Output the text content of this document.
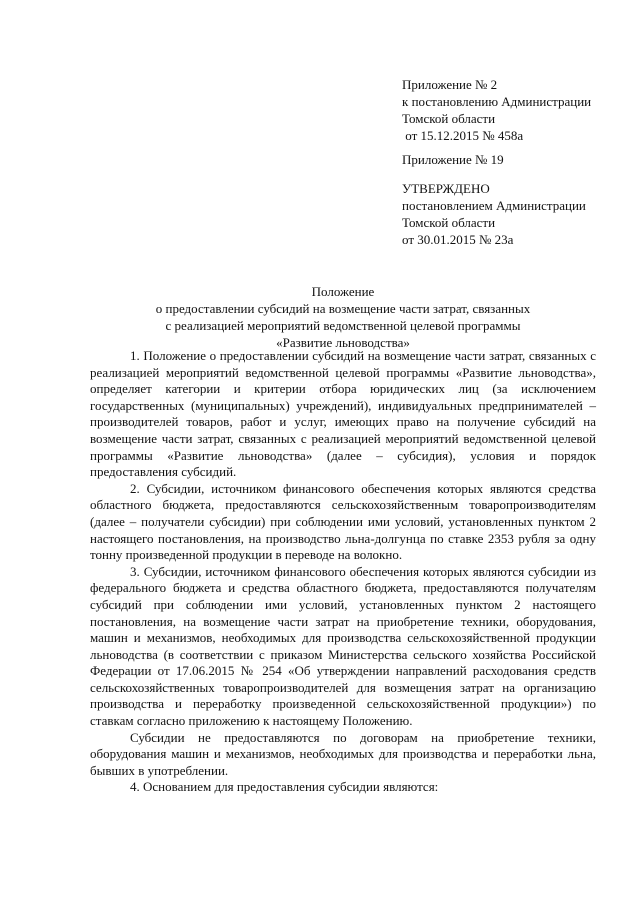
Приложение № 2
к постановлению Администрации
Томской области
от 15.12.2015 № 458а
Приложение № 19
УТВЕРЖДЕНО
постановлением Администрации
Томской области
от 30.01.2015 № 23а
Положение
о предоставлении субсидий на возмещение части затрат, связанных
с реализацией мероприятий ведомственной целевой программы
«Развитие льноводства»

1. Положение о предоставлении субсидий на возмещение части затрат, связанных с реализацией мероприятий ведомственной целевой программы «Развитие льноводства», определяет категории и критерии отбора юридических лиц (за исключением государственных (муниципальных) учреждений), индивидуальных предпринимателей – производителей товаров, работ и услуг, имеющих право на получение субсидий на возмещение части затрат, связанных с реализацией мероприятий ведомственной целевой программы «Развитие льноводства» (далее – субсидия), условия и порядок предоставления субсидий.

2. Субсидии, источником финансового обеспечения которых являются средства областного бюджета, предоставляются сельскохозяйственным товаропроизводителям (далее – получатели субсидии) при соблюдении ими условий, установленных пунктом 2 настоящего постановления, на производство льна-долгунца по ставке 2353 рубля за одну тонну произведенной продукции в переводе на волокно.

3. Субсидии, источником финансового обеспечения которых являются субсидии из федерального бюджета и средства областного бюджета, предоставляются получателям субсидий при соблюдении ими условий, установленных пунктом 2 настоящего постановления, на возмещение части затрат на приобретение техники, оборудования, машин и механизмов, необходимых для производства сельскохозяйственной продукции льноводства (в соответствии с приказом Министерства сельского хозяйства Российской Федерации от 17.06.2015 № 254 «Об утверждении направлений расходования средств сельскохозяйственных товаропроизводителей для возмещения затрат на организацию производства и переработку произведенной сельскохозяйственной продукции») по ставкам согласно приложению к настоящему Положению.

Субсидии не предоставляются по договорам на приобретение техники, оборудования машин и механизмов, необходимых для производства и переработки льна, бывших в употреблении.

4. Основанием для предоставления субсидии являются:
